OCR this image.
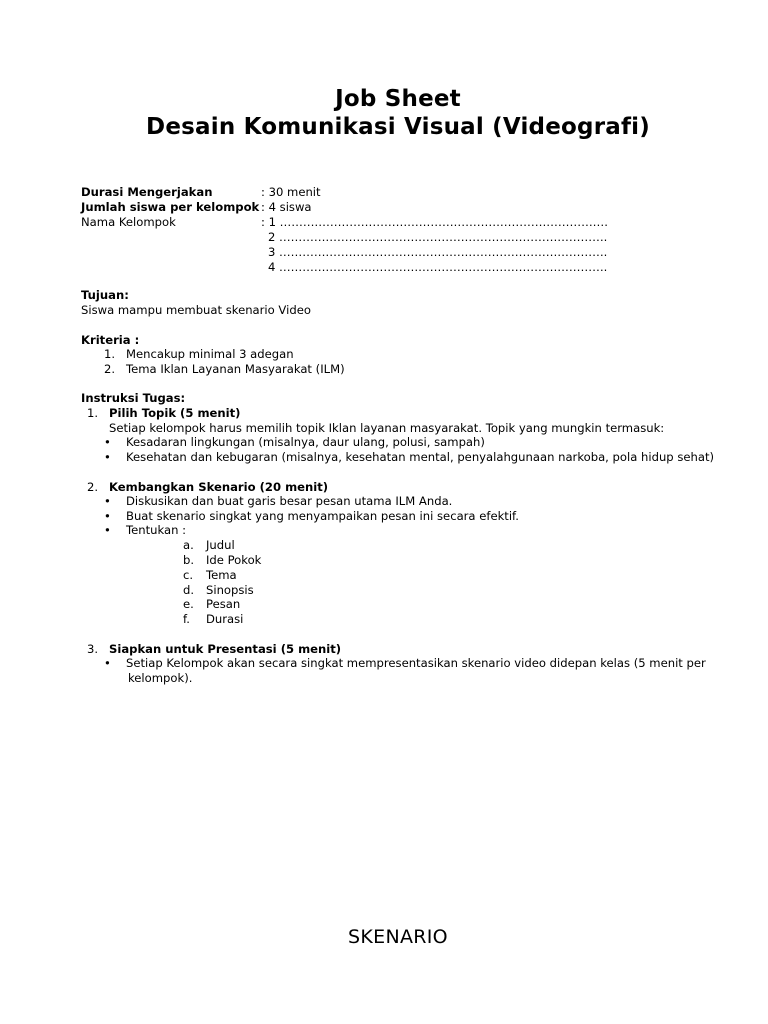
Job Sheet
Desain Komunikasi Visual (Videografi)
Durasi Mengerjakan	: 30 menit
Jumlah siswa per kelompok : 4 siswa
Nama Kelompok	: 1 ………………………………………………………………………….
2 ………………………………………………………………………….
3 ………………………………………………………………………….
4 ………………………………………………………………………….
Tujuan:
Siswa mampu membuat skenario Video
Kriteria :
1. Mencakup minimal 3 adegan
2. Tema Iklan Layanan Masyarakat (ILM)
Instruksi Tugas:
1. Pilih Topik (5 menit)
Setiap kelompok harus memilih topik Iklan layanan masyarakat. Topik yang mungkin termasuk:
• Kesadaran lingkungan (misalnya, daur ulang, polusi, sampah)
• Kesehatan dan kebugaran (misalnya, kesehatan mental, penyalahgunaan narkoba, pola hidup sehat)
2. Kembangkan Skenario (20 menit)
• Diskusikan dan buat garis besar pesan utama ILM Anda.
• Buat skenario singkat yang menyampaikan pesan ini secara efektif.
• Tentukan :
a. Judul
b. Ide Pokok
c. Tema
d. Sinopsis
e. Pesan
f. Durasi
3. Siapkan untuk Presentasi (5 menit)
• Setiap Kelompok akan secara singkat mempresentasikan skenario video didepan kelas (5 menit per
kelompok).
SKENARIO
